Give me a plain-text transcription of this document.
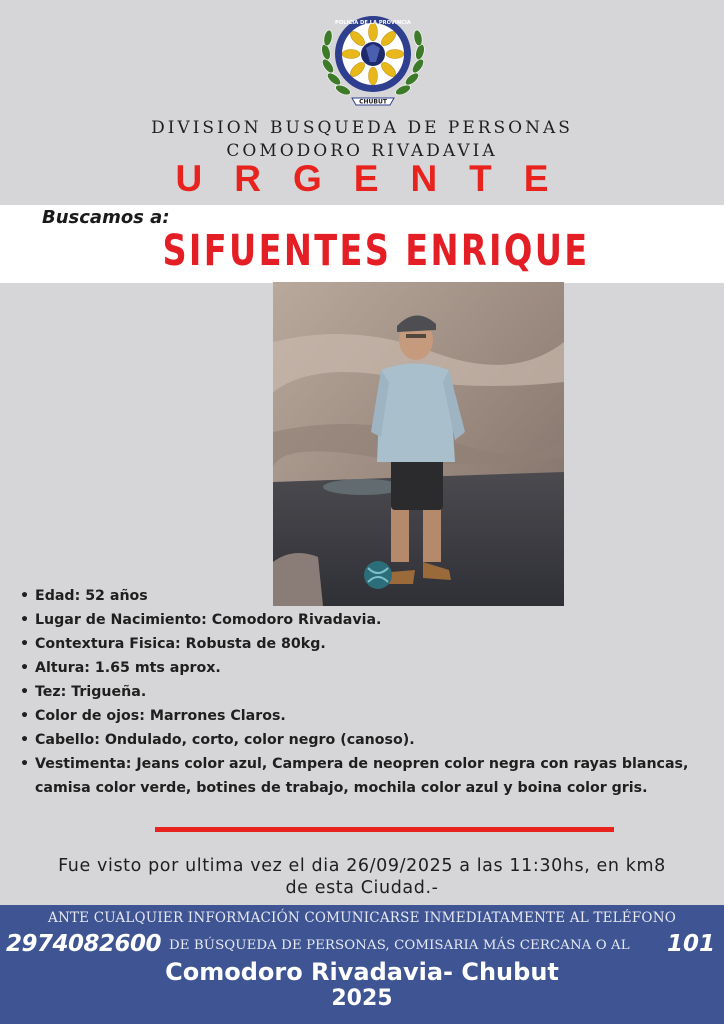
POLICIA DE LA PROVINCIA
CHUBUT
DIVISION BUSQUEDA DE PERSONAS
COMODORO RIVADAVIA
URGENTE
Buscamos a:
SIFUENTES ENRIQUE
• Edad: 52 años
• Lugar de Nacimiento: Comodoro Rivadavia.
• Contextura Fisica: Robusta de 80kg.
• Altura: 1.65 mts aprox.
• Tez: Trigueña.
• Color de ojos: Marrones Claros.
• Cabello: Ondulado, corto, color negro (canoso).
• Vestimenta: Jeans color azul, Campera de neopren color negra con rayas blancas, camisa color verde, botines de trabajo, mochila color azul y boina color gris.
Fue visto por ultima vez el dia 26/09/2025 a las 11:30hs, en km8
de esta Ciudad.-
ANTE CUALQUIER INFORMACIÓN COMUNICARSE INMEDIATAMENTE AL TELÉFONO
2974082600 DE BÚSQUEDA DE PERSONAS, COMISARIA MÁS CERCANA O AL 101
Comodoro Rivadavia- Chubut
2025
